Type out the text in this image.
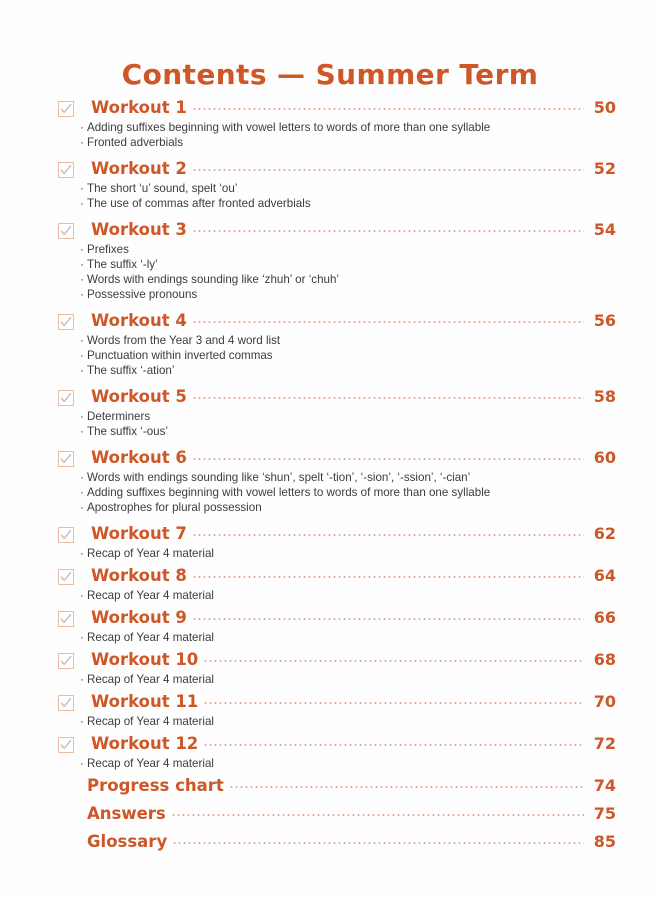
Contents — Summer Term
Workout 1	50
· Adding suffixes beginning with vowel letters to words of more than one syllable
· Fronted adverbials
Workout 2	52
· The short ‘u’ sound, spelt ‘ou’
· The use of commas after fronted adverbials
Workout 3	54
· Prefixes
· The suffix ‘-ly’
· Words with endings sounding like ‘zhuh’ or ‘chuh’
· Possessive pronouns
Workout 4	56
· Words from the Year 3 and 4 word list
· Punctuation within inverted commas
· The suffix ‘-ation’
Workout 5	58
· Determiners
· The suffix ‘-ous’
Workout 6	60
· Words with endings sounding like ‘shun’, spelt ‘-tion’, ‘-sion’, ‘-ssion’, ‘-cian’
· Adding suffixes beginning with vowel letters to words of more than one syllable
· Apostrophes for plural possession
Workout 7	62
· Recap of Year 4 material
Workout 8	64
· Recap of Year 4 material
Workout 9	66
· Recap of Year 4 material
Workout 10	68
· Recap of Year 4 material
Workout 11	70
· Recap of Year 4 material
Workout 12	72
· Recap of Year 4 material
Progress chart	74
Answers	75
Glossary	85
